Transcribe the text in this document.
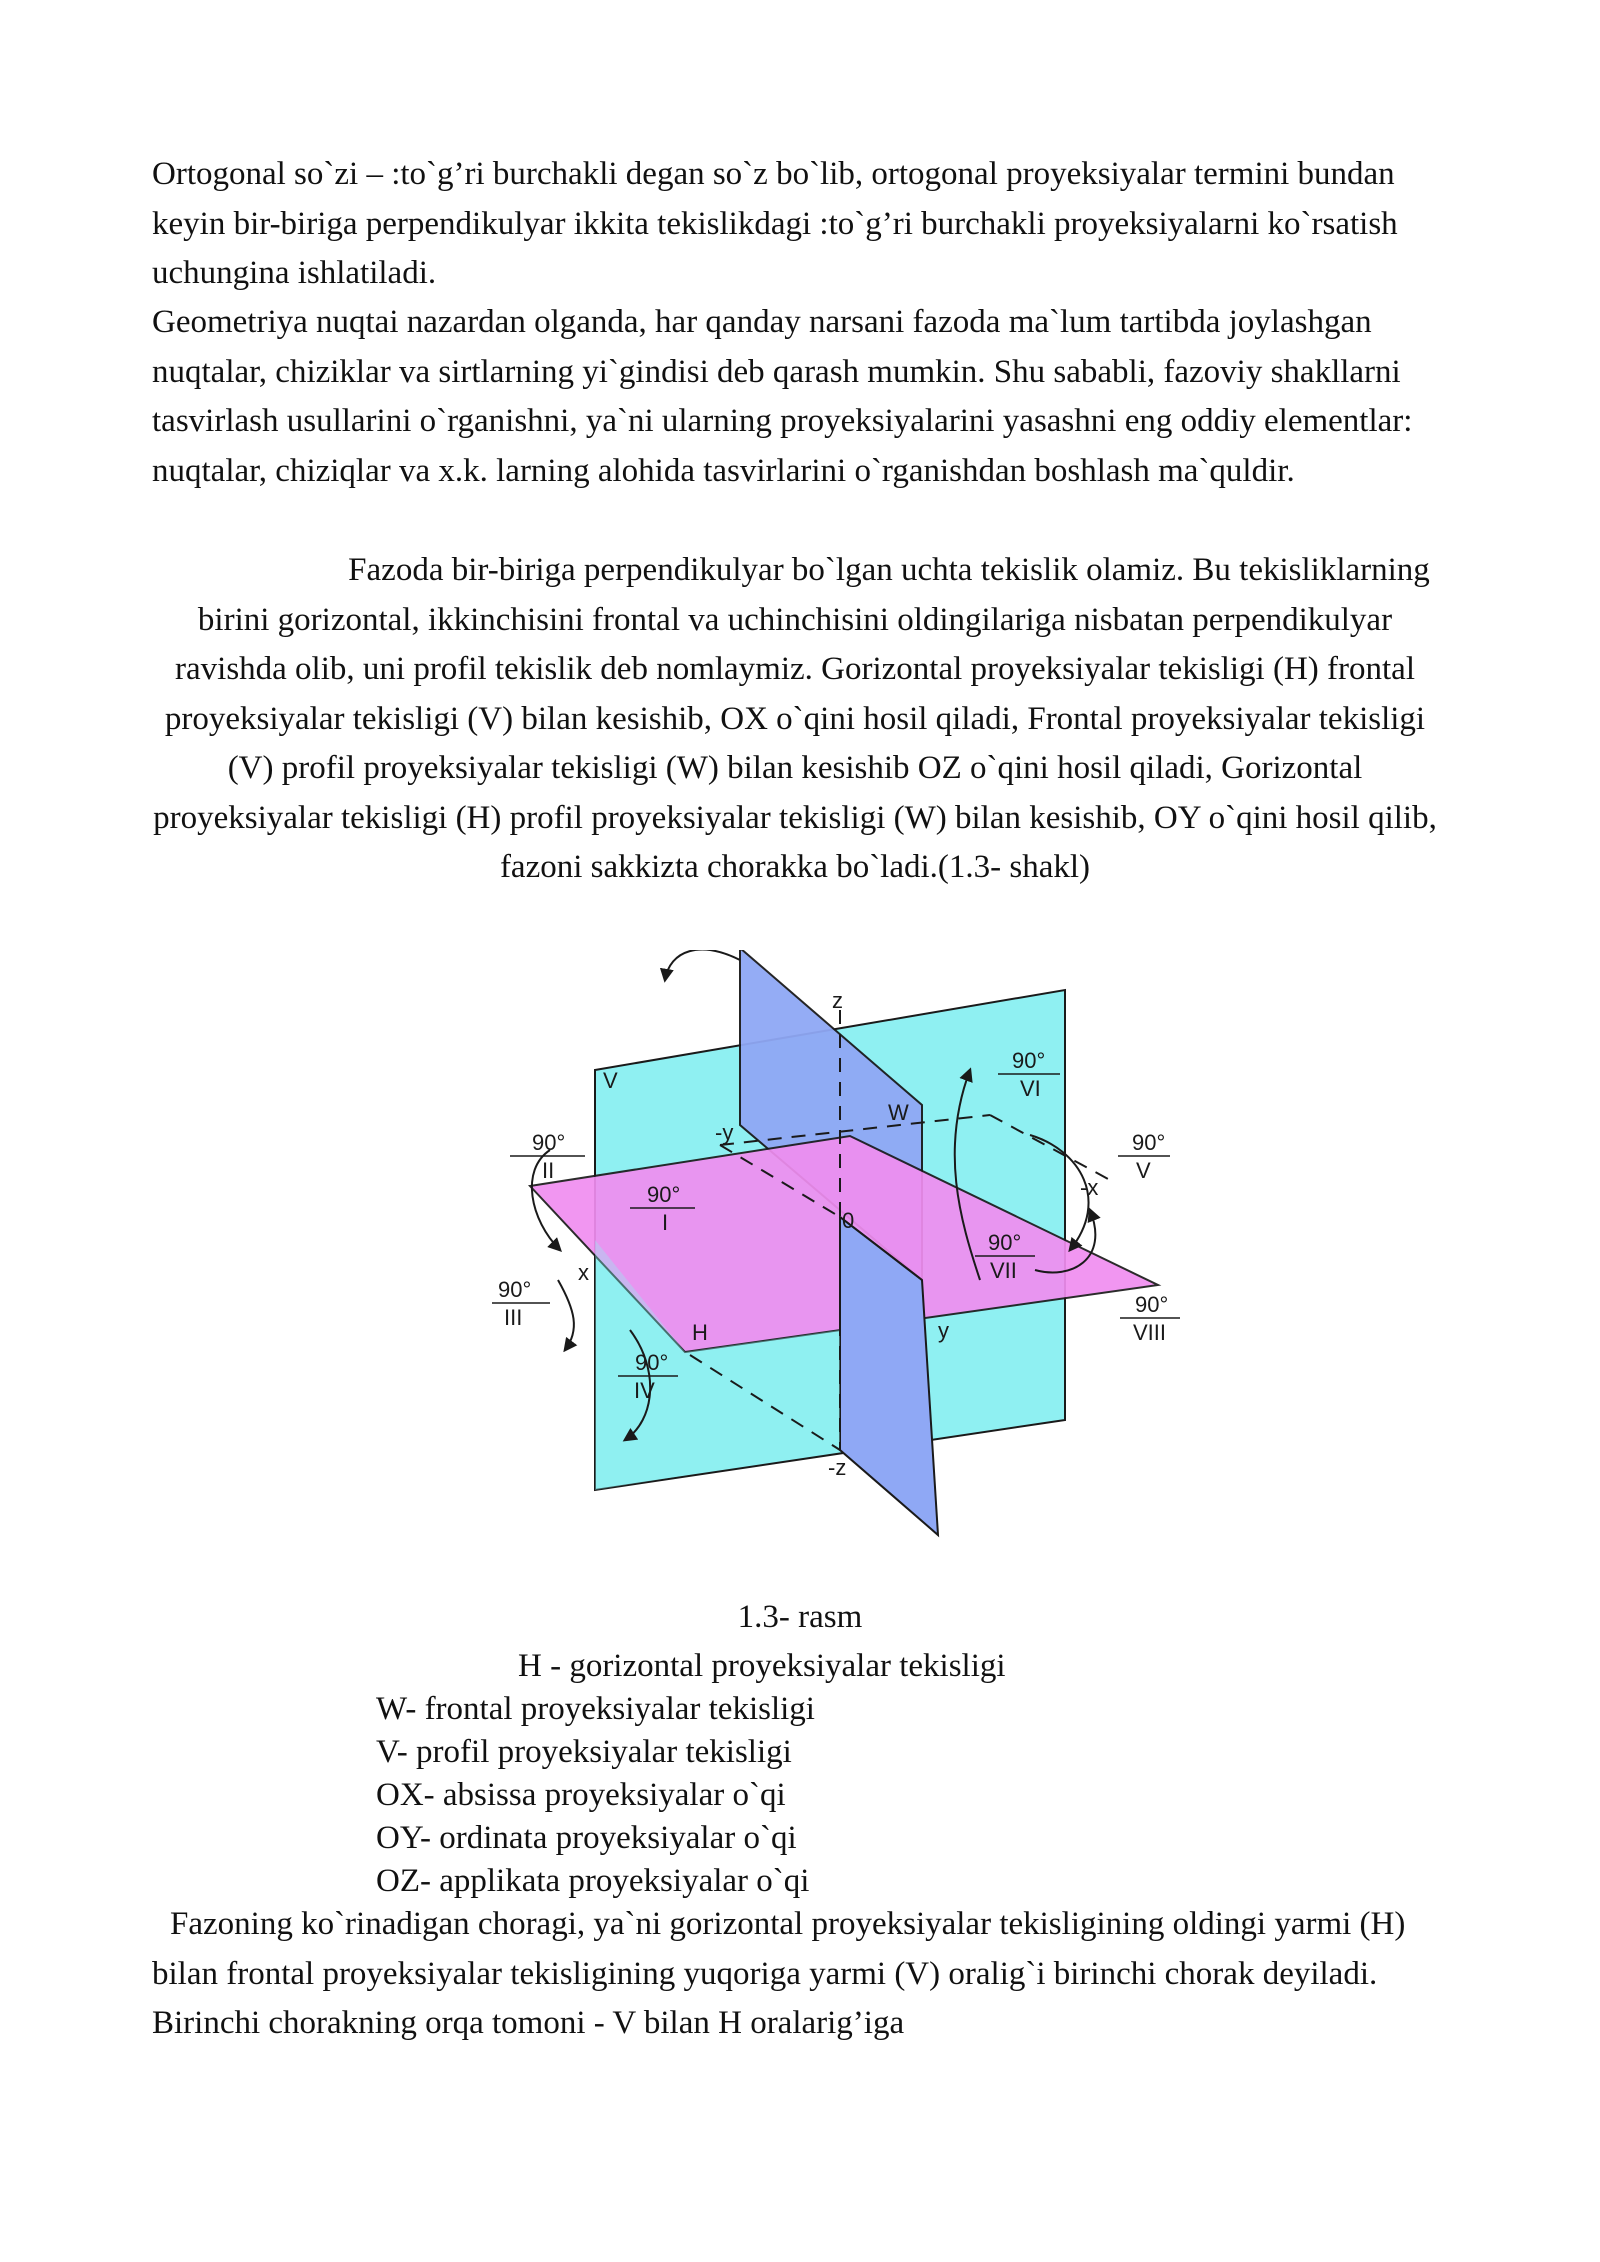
Ortogonal so`zi – :to`g’ri burchakli degan so`z bo`lib, ortogonal proyeksiyalar termini bundan keyin bir-biriga perpendikulyar ikkita tekislikdagi :to`g’ri burchakli proyeksiyalarni ko`rsatish uchungina ishlatiladi.

Geometriya nuqtai nazardan olganda, har qanday narsani fazoda ma`lum tartibda joylashgan nuqtalar, chiziklar va sirtlarning yi`gindisi deb qarash mumkin. Shu sababli, fazoviy shakllarni tasvirlash usullarini o`rganishni, ya`ni ularning proyeksiyalarini yasashni eng oddiy elementlar: nuqtalar, chiziqlar va x.k. larning alohida tasvirlarini o`rganishdan boshlash ma`quldir.

Fazoda bir-biriga perpendikulyar bo`lgan uchta tekislik olamiz. Bu tekisliklarning birini gorizontal, ikkinchisini frontal va uchinchisini oldingilariga nisbatan perpendikulyar ravishda olib, uni profil tekislik deb nomlaymiz. Gorizontal proyeksiyalar tekisligi (H) frontal proyeksiyalar tekisligi (V) bilan kesishib, OX o`qini hosil qiladi, Frontal proyeksiyalar tekisligi (V) profil proyeksiyalar tekisligi (W) bilan kesishib OZ o`qini hosil qiladi, Gorizontal proyeksiyalar tekisligi (H) profil proyeksiyalar tekisligi (W) bilan kesishib, OY o`qini hosil qilib, fazoni sakkizta chorakka bo`ladi.(1.3- shakl)

z
-z
-y
y
x
-x
0
V
W
H
90°
II
90°
I
90°
III
90°
IV
90°
VI
90°
V
90°
VII
90°
VIII

1.3- rasm

H - gorizontal proyeksiyalar tekisligi
W- frontal proyeksiyalar tekisligi
V- profil proyeksiyalar tekisligi
OX- absissa proyeksiyalar o`qi
OY- ordinata proyeksiyalar o`qi
OZ- applikata proyeksiyalar o`qi

Fazoning ko`rinadigan choragi, ya`ni gorizontal proyeksiyalar tekisligining oldingi yarmi (H) bilan frontal proyeksiyalar tekisligining yuqoriga yarmi (V) oralig`i birinchi chorak deyiladi. Birinchi chorakning orqa tomoni - V bilan H oralarig’iga
